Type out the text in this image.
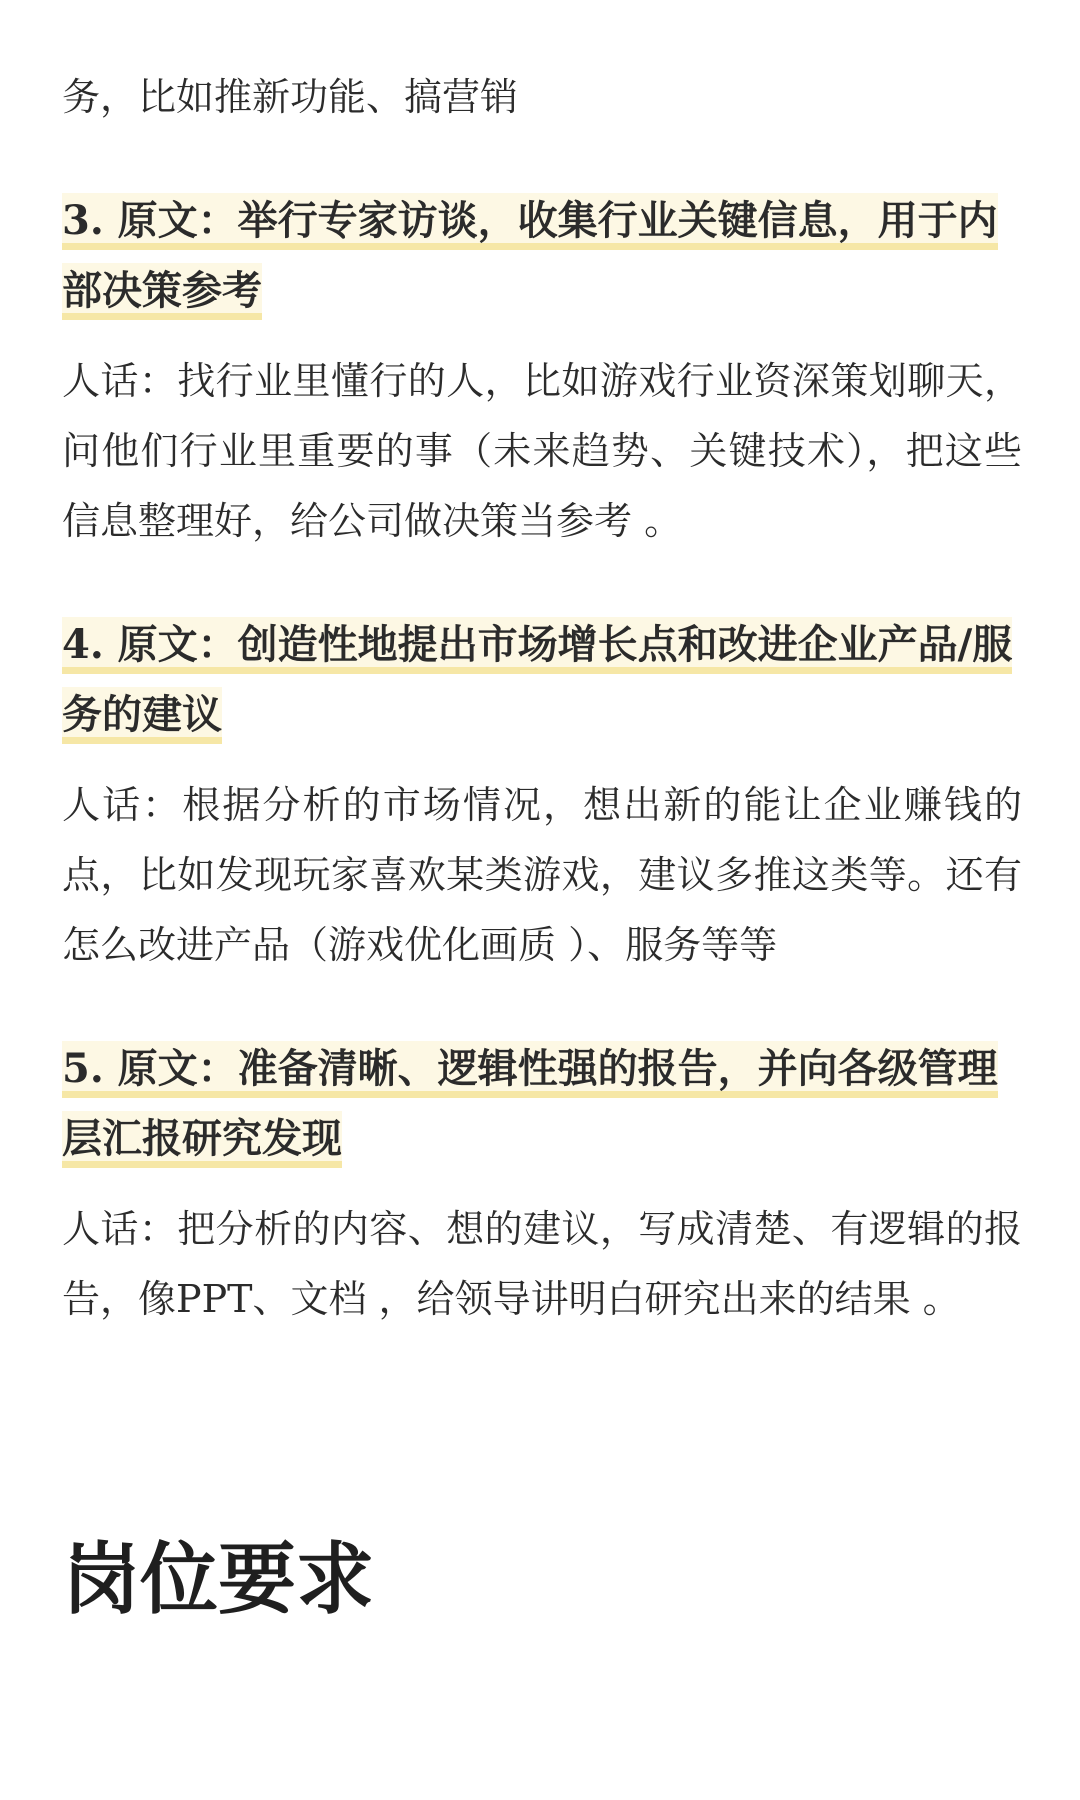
务，比如推新功能、搞营销

3. 原文：举行专家访谈，收集行业关键信息，用于内部决策参考

人话：找行业里懂行的人，比如游戏行业资深策划聊天，问他们行业里重要的事（未来趋势、关键技术），把这些信息整理好，给公司做决策当参考 。

4. 原文：创造性地提出市场增长点和改进企业产品/服务的建议

人话：根据分析的市场情况，想出新的能让企业赚钱的点，比如发现玩家喜欢某类游戏，建议多推这类等。还有怎么改进产品（游戏优化画质 ）、服务等等

5. 原文：准备清晰、逻辑性强的报告，并向各级管理层汇报研究发现

人话：把分析的内容、想的建议，写成清楚、有逻辑的报告，像PPT、文档 ，给领导讲明白研究出来的结果 。

岗位要求
